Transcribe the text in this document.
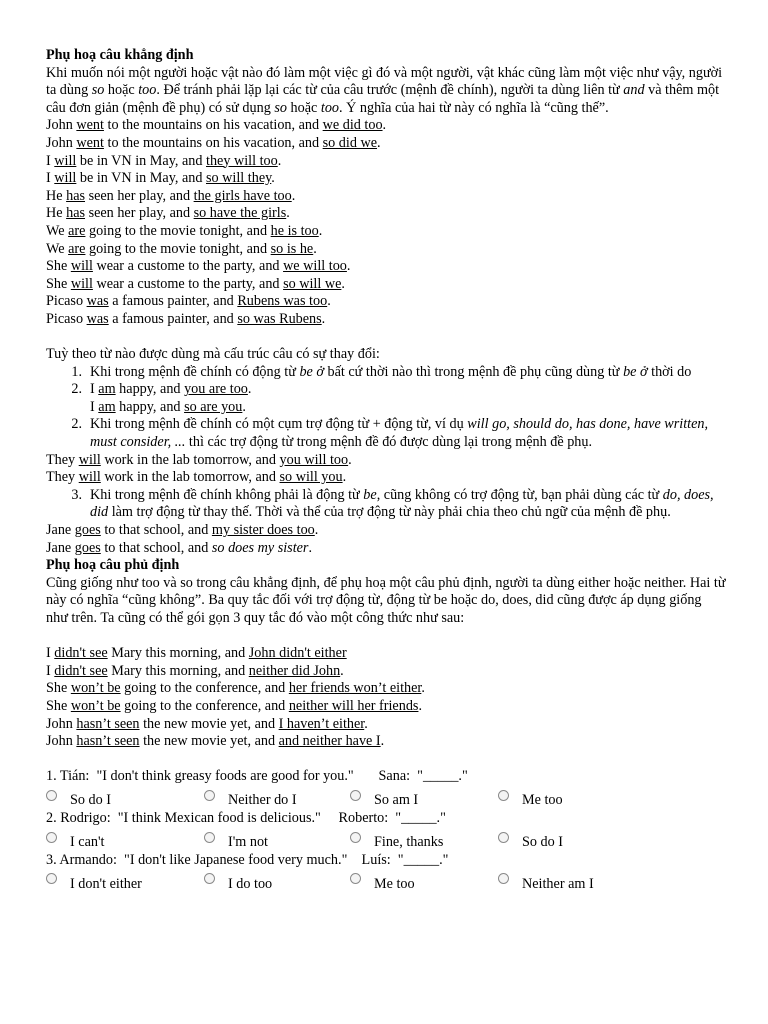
Phụ hoạ câu khẳng định
Khi muốn nói một người hoặc vật nào đó làm một việc gì đó và một người, vật khác cũng làm một việc như vậy, người ta dùng so hoặc too. Để tránh phải lặp lại các từ của câu trước (mệnh đề chính), người ta dùng liên từ and và thêm một câu đơn giản (mệnh đề phụ) có sử dụng so hoặc too. Ý nghĩa của hai từ này có nghĩa là “cũng thế”.
John went to the mountains on his vacation, and we did too.
John went to the mountains on his vacation, and so did we.
I will be in VN in May, and they will too.
I will be in VN in May, and so will they.
He has seen her play, and the girls have too.
He has seen her play, and so have the girls.
We are going to the movie tonight, and he is too.
We are going to the movie tonight, and so is he.
She will wear a custome to the party, and we will too.
She will wear a custome to the party, and so will we.
Picaso was a famous painter, and Rubens was too.
Picaso was a famous painter, and so was Rubens.
Tuỳ theo từ nào được dùng mà cấu trúc câu có sự thay đổi:
1. Khi trong mệnh đề chính có động từ be ở bất cứ thời nào thì trong mệnh đề phụ cũng dùng từ be ở thời do
2. I am happy, and you are too.
I am happy, and so are you.
2. Khi trong mệnh đề chính có một cụm trợ động từ + động từ, ví dụ will go, should do, has done, have written, must consider, ... thì các trợ động từ trong mệnh đề đó được dùng lại trong mệnh đề phụ.
They will work in the lab tomorrow, and you will too.
They will work in the lab tomorrow, and so will you.
3. Khi trong mệnh đề chính không phải là động từ be, cũng không có trợ động từ, bạn phải dùng các từ do, does, did làm trợ động từ thay thế. Thời và thể của trợ động từ này phải chia theo chủ ngữ của mệnh đề phụ.
Jane goes to that school, and my sister does too.
Jane goes to that school, and so does my sister.
Phụ hoạ câu phủ định
Cũng giống như too và so trong câu khẳng định, để phụ hoạ một câu phủ định, người ta dùng either hoặc neither. Hai từ này có nghĩa “cũng không”. Ba quy tắc đối với trợ động từ, động từ be hoặc do, does, did cũng được áp dụng giống như trên. Ta cũng có thể gói gọn 3 quy tắc đó vào một công thức như sau:
I didn't see Mary this morning, and John didn't either
I didn't see Mary this morning, and neither did John.
She won’t be going to the conference, and her friends won’t either.
She won’t be going to the conference, and neither will her friends.
John hasn’t seen the new movie yet, and I haven’t either.
John hasn’t seen the new movie yet, and and neither have I.
1. Tián:  "I don't think greasy foods are good for you."       Sana:  "_____."
So do I	Neither do I	So am I	Me too
2. Rodrigo:  "I think Mexican food is delicious."     Roberto:  "_____."
I can't	I'm not	Fine, thanks	So do I
3. Armando:  "I don't like Japanese food very much."    Luís:  "_____."
I don't either	I do too	Me too	Neither am I
